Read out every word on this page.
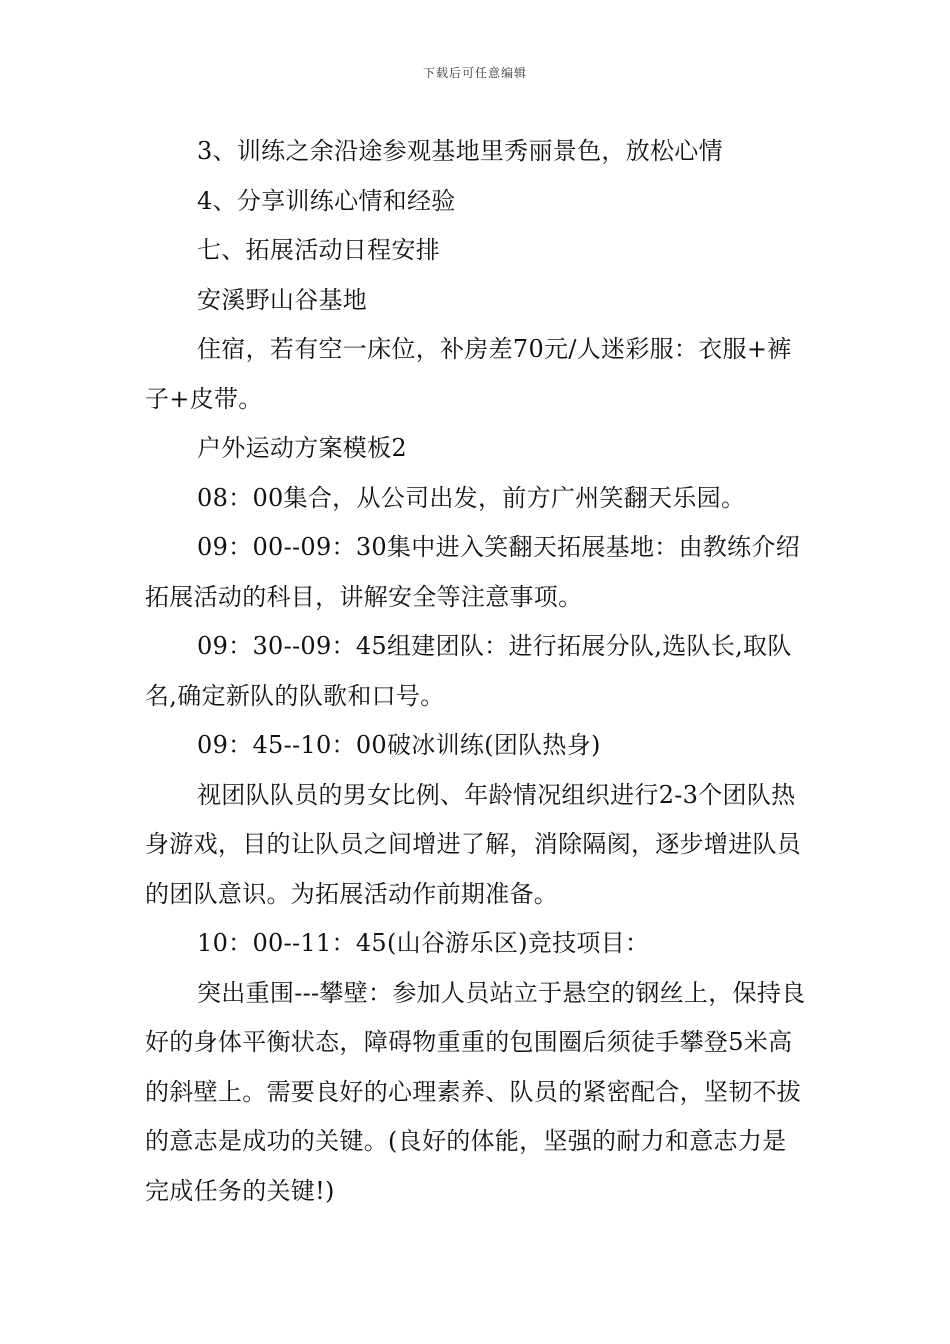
下载后可任意编辑

3、训练之余沿途参观基地里秀丽景色，放松心情

4、分享训练心情和经验

七、拓展活动日程安排

安溪野山谷基地

住宿，若有空一床位，补房差70元/人迷彩服：衣服+裤子+皮带。

户外运动方案模板2

08：00集合，从公司出发，前方广州笑翻天乐园。

09：00--09：30集中进入笑翻天拓展基地：由教练介绍拓展活动的科目，讲解安全等注意事项。

09：30--09：45组建团队：进行拓展分队,选队长,取队名,确定新队的队歌和口号。

09：45--10：00破冰训练(团队热身)

视团队队员的男女比例、年龄情况组织进行2-3个团队热身游戏，目的让队员之间增进了解，消除隔阂，逐步增进队员的团队意识。为拓展活动作前期准备。

10：00--11：45(山谷游乐区)竞技项目：

突出重围---攀壁：参加人员站立于悬空的钢丝上，保持良好的身体平衡状态，障碍物重重的包围圈后须徒手攀登5米高的斜壁上。需要良好的心理素养、队员的紧密配合，坚韧不拔的意志是成功的关键。(良好的体能，坚强的耐力和意志力是完成任务的关键!)
